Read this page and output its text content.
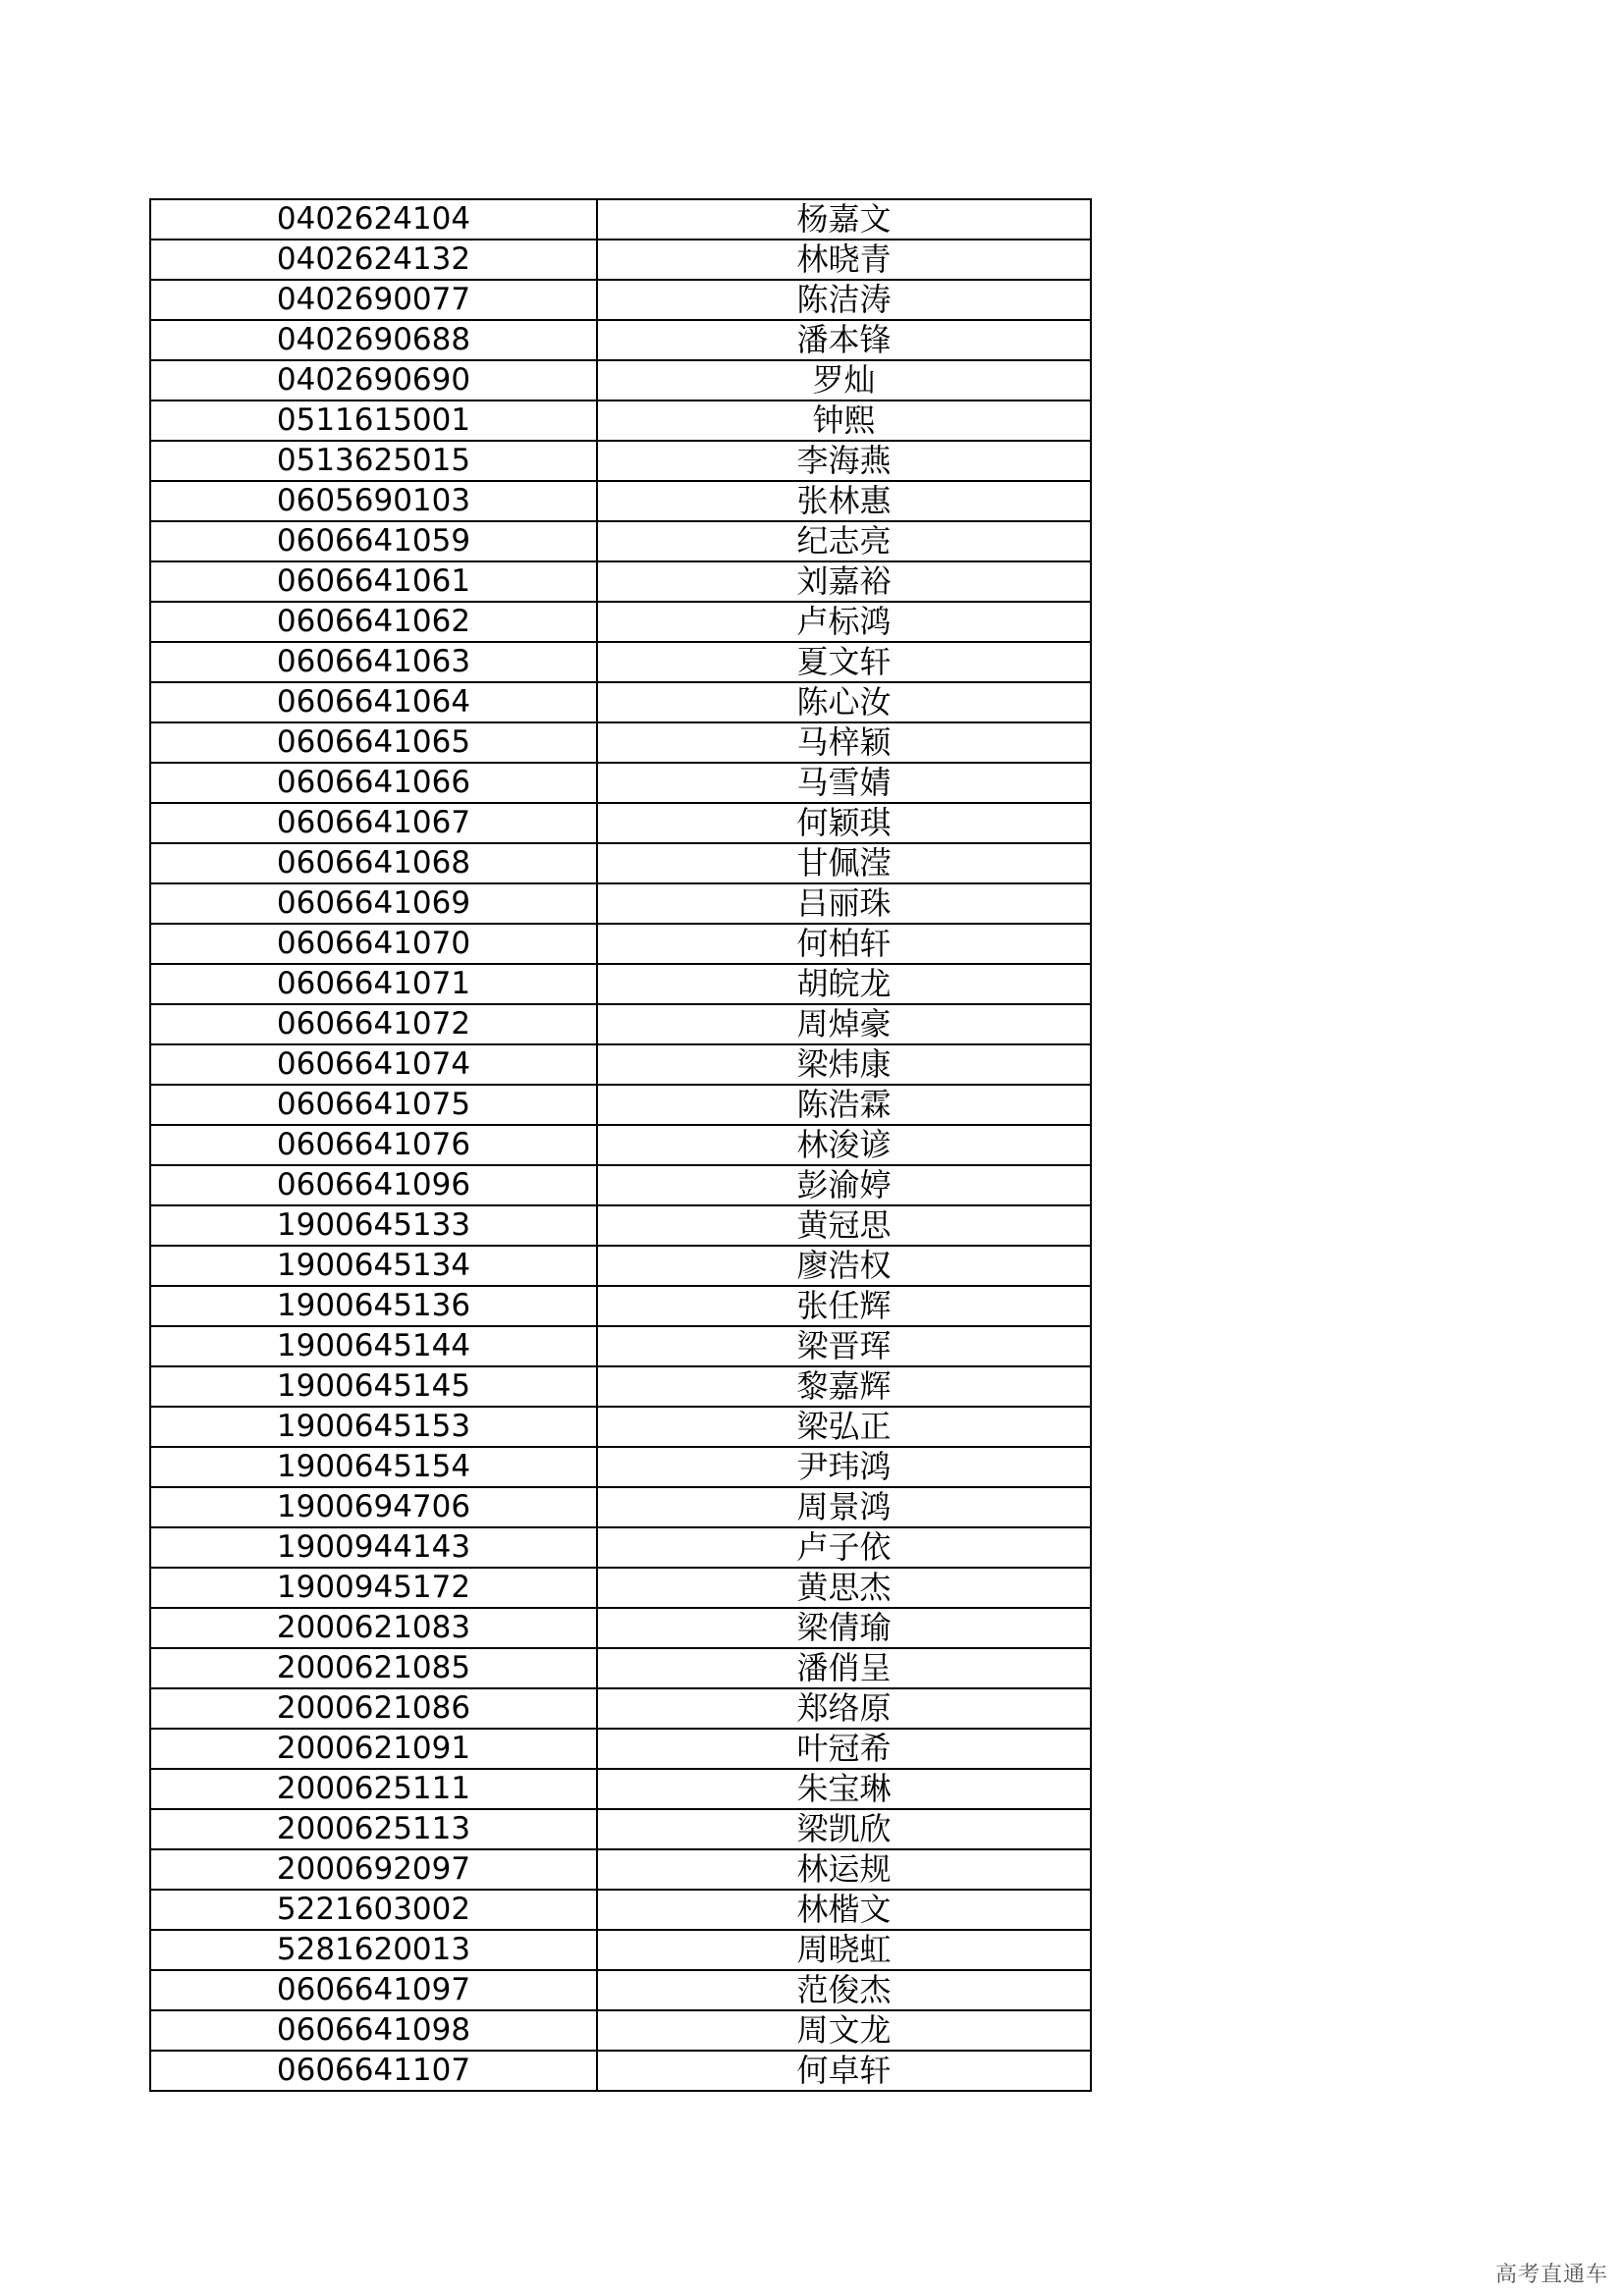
0402624104	杨嘉文
0402624132	林晓青
0402690077	陈洁涛
0402690688	潘本锋
0402690690	罗灿
0511615001	钟熙
0513625015	李海燕
0605690103	张林惠
0606641059	纪志亮
0606641061	刘嘉裕
0606641062	卢标鸿
0606641063	夏文轩
0606641064	陈心汝
0606641065	马梓颖
0606641066	马雪婧
0606641067	何颖琪
0606641068	甘佩滢
0606641069	吕丽珠
0606641070	何柏轩
0606641071	胡皖龙
0606641072	周焯豪
0606641074	梁炜康
0606641075	陈浩霖
0606641076	林浚谚
0606641096	彭渝婷
1900645133	黄冠思
1900645134	廖浩权
1900645136	张任辉
1900645144	梁晋珲
1900645145	黎嘉辉
1900645153	梁弘正
1900645154	尹玮鸿
1900694706	周景鸿
1900944143	卢子依
1900945172	黄思杰
2000621083	梁倩瑜
2000621085	潘俏呈
2000621086	郑络原
2000621091	叶冠希
2000625111	朱宝琳
2000625113	梁凯欣
2000692097	林运规
5221603002	林楷文
5281620013	周晓虹
0606641097	范俊杰
0606641098	周文龙
0606641107	何卓轩
高考直通车
